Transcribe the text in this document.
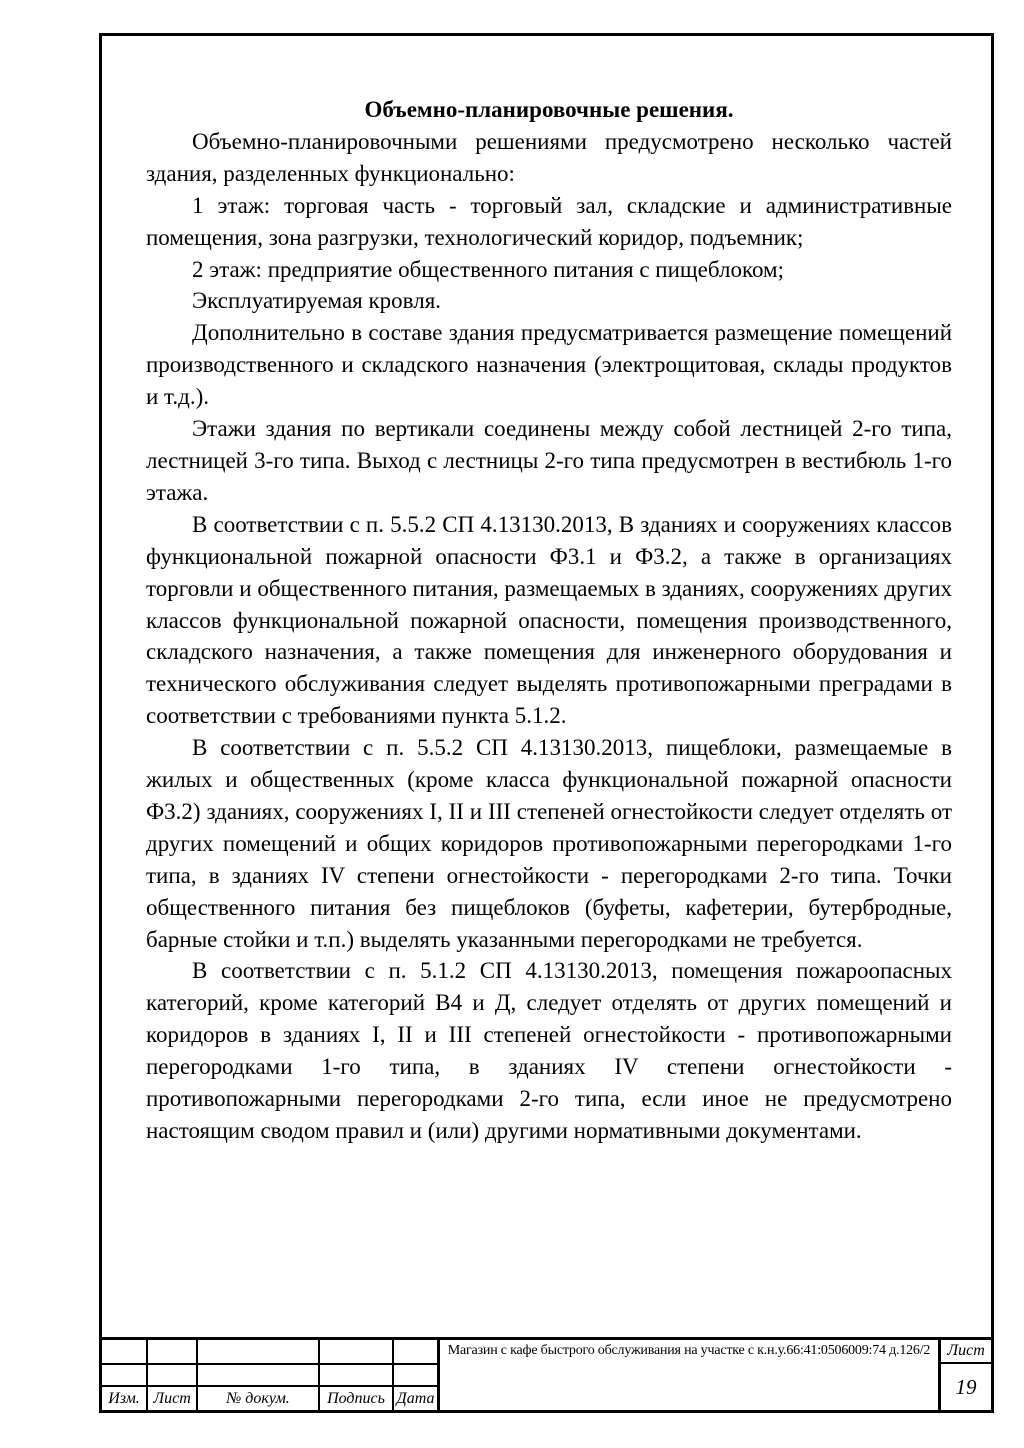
Объемно-планировочные решения.

Объемно-планировочными решениями предусмотрено несколько частей здания, разделенных функционально:

1 этаж: торговая часть - торговый зал, складские и административные помещения, зона разгрузки, технологический коридор, подъемник;

2 этаж: предприятие общественного питания с пищеблоком;

Эксплуатируемая кровля.

Дополнительно в составе здания предусматривается размещение помещений производственного и складского назначения (электрощитовая, склады продуктов и т.д.).

Этажи здания по вертикали соединены между собой лестницей 2-го типа, лестницей 3-го типа. Выход с лестницы 2-го типа предусмотрен в вестибюль 1-го этажа.

В соответствии с п. 5.5.2 СП 4.13130.2013, В зданиях и сооружениях классов функциональной пожарной опасности Ф3.1 и Ф3.2, а также в организациях торговли и общественного питания, размещаемых в зданиях, сооружениях других классов функциональной пожарной опасности, помещения производственного, складского назначения, а также помещения для инженерного оборудования и технического обслуживания следует выделять противопожарными преградами в соответствии с требованиями пункта 5.1.2.

В соответствии с п. 5.5.2 СП 4.13130.2013, пищеблоки, размещаемые в жилых и общественных (кроме класса функциональной пожарной опасности Ф3.2) зданиях, сооружениях I, II и III степеней огнестойкости следует отделять от других помещений и общих коридоров противопожарными перегородками 1-го типа, в зданиях IV степени огнестойкости - перегородками 2-го типа. Точки общественного питания без пищеблоков (буфеты, кафетерии, бутербродные, барные стойки и т.п.) выделять указанными перегородками не требуется.

В соответствии с п. 5.1.2 СП 4.13130.2013, помещения пожароопасных категорий, кроме категорий В4 и Д, следует отделять от других помещений и коридоров в зданиях I, II и III степеней огнестойкости - противопожарными перегородками 1-го типа, в зданиях IV степени огнестойкости - противопожарными перегородками 2-го типа, если иное не предусмотрено настоящим сводом правил и (или) другими нормативными документами.

Изм. Лист	№ докум.	Подпись Дата
Магазин с кафе быстрого обслуживания на участке с к.н.у.66:41:0506009:74 д.126/2	Лист
19
